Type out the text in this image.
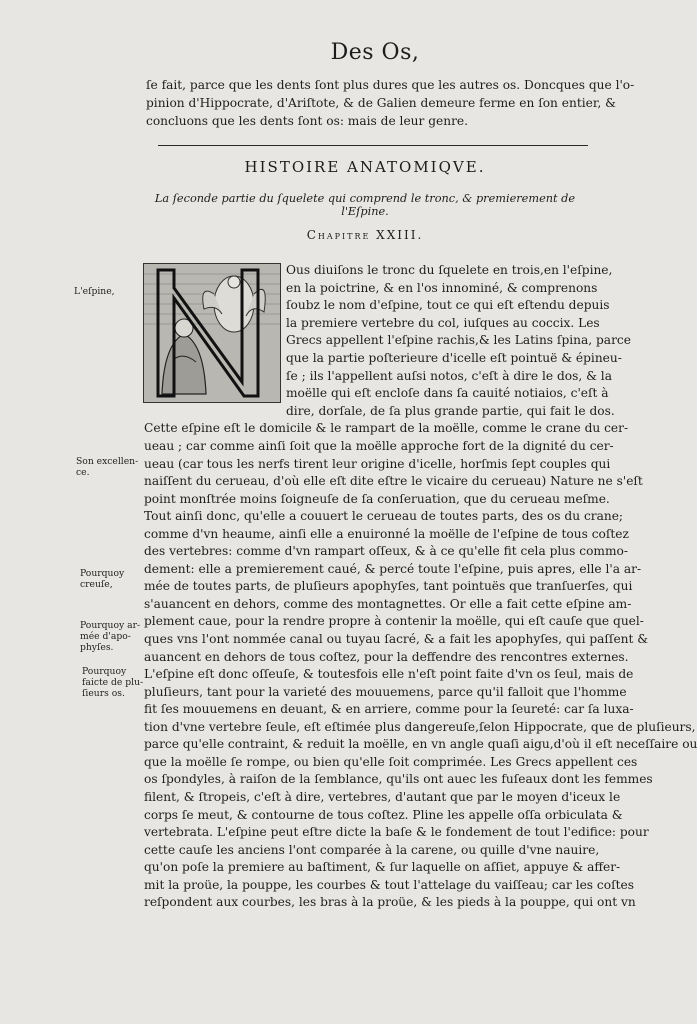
Des Os,
ſe fait, parce que les dents ſont plus dures que les autres os. Doncques que l'o-
pinion d'Hippocrate, d'Ariſtote, & de Galien demeure ferme en ſon entier, &
concluons que les dents ſont os: mais de leur genre.
HISTOIRE ANATOMIQVE.
La ſeconde partie du ſquelete qui comprend le tronc, & premierement de l'Eſpine.
Chapitre XXIII.
Ous diuiſons le tronc du ſquelete en trois,en l'eſpine,
en la poictrine, & en l'os innominé, & comprenons
ſoubz le nom d'eſpine, tout ce qui eſt eſtendu depuis
la premiere vertebre du col, iuſques au coccix. Les
Grecs appellent l'eſpine rachis,& les Latins ſpina, parce
que la partie poſterieure d'icelle eſt pointuë & épineu-
ſe ; ils l'appellent auſsi notos, c'eſt à dire le dos, & la
moëlle qui eſt encloſe dans ſa cauité notiaios, c'eſt à
dire, dorſale, de ſa plus grande partie, qui fait le dos.
Cette eſpine eſt le domicile & le rampart de la moëlle, comme le crane du cer-
ueau ; car comme ainſi ſoit que la moëlle approche fort de la dignité du cer-
ueau (car tous les nerfs tirent leur origine d'icelle, horſmis ſept couples qui
naiſſent du cerueau, d'où elle eſt dite eſtre le vicaire du cerueau) Nature ne s'eſt
point monſtrée moins ſoigneuſe de ſa conſeruation, que du cerueau meſme.
Tout ainſi donc, qu'elle a couuert le cerueau de toutes parts, des os du crane;
comme d'vn heaume, ainſi elle a enuironné la moëlle de l'eſpine de tous coſtez
des vertebres: comme d'vn rampart oſſeux, & à ce qu'elle fit cela plus commo-
dement: elle a premierement caué, & percé toute l'eſpine, puis apres, elle l'a ar-
mée de toutes parts, de pluſieurs apophyſes, tant pointuës que tranſuerſes, qui
s'auancent en dehors, comme des montagnettes. Or elle a fait cette eſpine am-
plement caue, pour la rendre propre à contenir la moëlle, qui eſt cauſe que quel-
ques vns l'ont nommée canal ou tuyau ſacré, & a fait les apophyſes, qui paſſent &
auancent en dehors de tous coſtez, pour la deffendre des rencontres externes.
L'eſpine eſt donc oſſeuſe, & toutesfois elle n'eſt point faite d'vn os ſeul, mais de
pluſieurs, tant pour la varieté des mouuemens, parce qu'il falloit que l'homme
fit ſes mouuemens en deuant, & en arriere, comme pour la ſeureté: car ſa luxa-
tion d'vne vertebre ſeule, eſt eſtimée plus dangereuſe,ſelon Hippocrate, que de pluſieurs,
parce qu'elle contraint, & reduit la moëlle, en vn angle quaſi aigu,d'où il eſt neceſſaire ou
que la moëlle ſe rompe, ou bien qu'elle ſoit comprimée. Les Grecs appellent ces
os ſpondyles, à raiſon de la ſemblance, qu'ils ont auec les fuſeaux dont les femmes
filent, & ſtropeis, c'eſt à dire, vertebres, d'autant que par le moyen d'iceux le
corps ſe meut, & contourne de tous coſtez. Pline les appelle oſſa orbiculata &
vertebrata. L'eſpine peut eſtre dicte la baſe & le fondement de tout l'edifice: pour
cette cauſe les anciens l'ont comparée à la carene, ou quille d'vne nauire,
qu'on poſe la premiere au baſtiment, & ſur laquelle on aſſiet, appuye & affer-
mit la proüe, la pouppe, les courbes & tout l'attelage du vaiſſeau; car les coſtes
reſpondent aux courbes, les bras à la proüe, & les pieds à la pouppe, qui ont vn
L'eſpine,
Son excellen-
ce.
Pourquoy
creuſe,
Pourquoy ar-
mée d'apo-
phyſes.
Pourquoy
faicte de plu-
ſieurs os.
